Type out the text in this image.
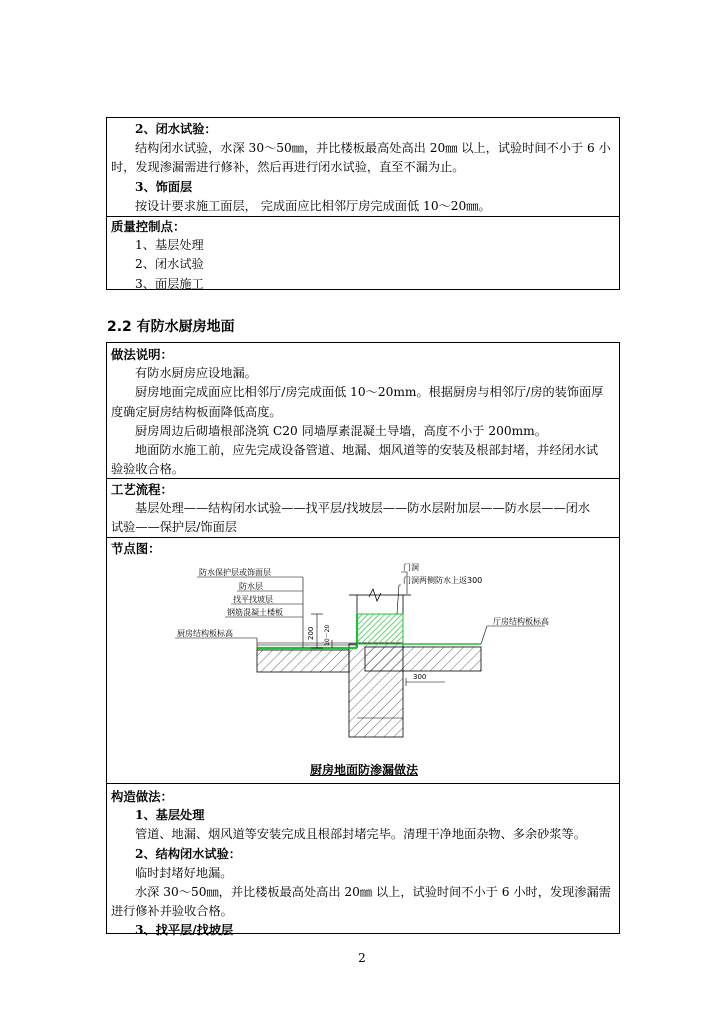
2、闭水试验：
结构闭水试验，水深 30～50㎜，并比楼板最高处高出 20㎜ 以上，试验时间不小于 6 小
时，发现渗漏需进行修补，然后再进行闭水试验，直至不漏为止。
3、饰面层
按设计要求施工面层， 完成面应比相邻厅房完成面低 10～20㎜。
质量控制点：
1、基层处理
2、闭水试验
3、面层施工
2.2 有防水厨房地面
做法说明：
有防水厨房应设地漏。
厨房地面完成面应比相邻厅/房完成面低 10～20mm。根据厨房与相邻厅/房的装饰面厚
度确定厨房结构板面降低高度。
厨房周边后砌墙根部浇筑 C20 同墙厚素混凝土导墙，高度不小于 200mm。
地面防水施工前，应先完成设备管道、地漏、烟风道等的安装及根部封堵，并经闭水试
验验收合格。
工艺流程：
基层处理——结构闭水试验——找平层/找坡层——防水层附加层——防水层——闭水
试验——保护层/饰面层
节点图：
防水保护层或饰面层
防水层
找平找坡层
钢筋混凝土楼板
厨房结构板标高
门洞
门洞两侧防水上返300
厅房结构板标高
200 10～20
300
厨房地面防渗漏做法
构造做法：
1、基层处理
管道、地漏、烟风道等安装完成且根部封堵完毕。清理干净地面杂物、多余砂浆等。
2、结构闭水试验：
临时封堵好地漏。
水深 30～50㎜，并比楼板最高处高出 20㎜ 以上，试验时间不小于 6 小时，发现渗漏需
进行修补并验收合格。
3、找平层/找坡层
2
